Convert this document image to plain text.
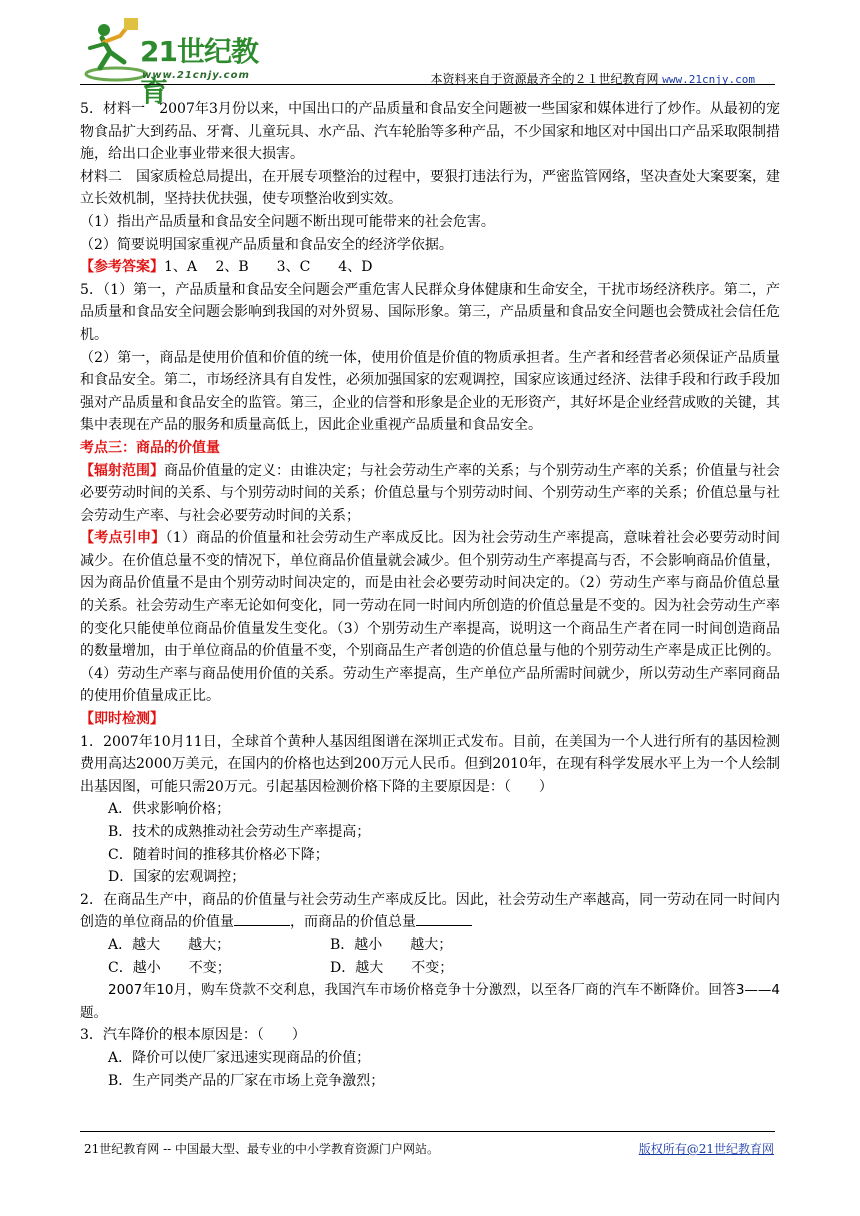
21世纪教育
www.21cnjy.com	本资料来自于资源最齐全的２１世纪教育网 www.21cnjy.com

5．材料一　2007年3月份以来，中国出口的产品质量和食品安全问题被一些国家和媒体进行了炒作。从最初的宠物食品扩大到药品、牙膏、儿童玩具、水产品、汽车轮胎等多种产品，不少国家和地区对中国出口产品采取限制措施，给出口企业事业带来很大损害。

材料二　国家质检总局提出，在开展专项整治的过程中，要狠打违法行为，严密监管网络，坚决查处大案要案，建立长效机制，坚持扶优扶强，使专项整治收到实效。

（1）指出产品质量和食品安全问题不断出现可能带来的社会危害。

（2）简要说明国家重视产品质量和食品安全的经济学依据。

【参考答案】1、A　 2、B　　3、C　　4、D

5．（1）第一，产品质量和食品安全问题会严重危害人民群众身体健康和生命安全，干扰市场经济秩序。第二，产品质量和食品安全问题会影响到我国的对外贸易、国际形象。第三，产品质量和食品安全问题也会赞成社会信任危机。

（2）第一，商品是使用价值和价值的统一体，使用价值是价值的物质承担者。生产者和经营者必须保证产品质量和食品安全。第二，市场经济具有自发性，必须加强国家的宏观调控，国家应该通过经济、法律手段和行政手段加强对产品质量和食品安全的监管。第三，企业的信誉和形象是企业的无形资产，其好坏是企业经营成败的关键，其集中表现在产品的服务和质量高低上，因此企业重视产品质量和食品安全。

考点三：商品的价值量

【辐射范围】商品价值量的定义：由谁决定；与社会劳动生产率的关系；与个别劳动生产率的关系；价值量与社会必要劳动时间的关系、与个别劳动时间的关系；价值总量与个别劳动时间、个别劳动生产率的关系；价值总量与社会劳动生产率、与社会必要劳动时间的关系；

【考点引申】（1）商品的价值量和社会劳动生产率成反比。因为社会劳动生产率提高，意味着社会必要劳动时间减少。在价值总量不变的情况下，单位商品价值量就会减少。但个别劳动生产率提高与否，不会影响商品价值量，因为商品价值量不是由个别劳动时间决定的，而是由社会必要劳动时间决定的。（2）劳动生产率与商品价值总量的关系。社会劳动生产率无论如何变化，同一劳动在同一时间内所创造的价值总量是不变的。因为社会劳动生产率的变化只能使单位商品价值量发生变化。（3）个别劳动生产率提高，说明这一个商品生产者在同一时间创造商品的数量增加，由于单位商品的价值量不变，个别商品生产者创造的价值总量与他的个别劳动生产率是成正比例的。（4）劳动生产率与商品使用价值的关系。劳动生产率提高，生产单位产品所需时间就少，所以劳动生产率同商品的使用价值量成正比。

【即时检测】

1．2007年10月11日，全球首个黄种人基因组图谱在深圳正式发布。目前，在美国为一个人进行所有的基因检测费用高达2000万美元，在国内的价格也达到200万元人民币。但到2010年，在现有科学发展水平上为一个人绘制出基因图，可能只需20万元。引起基因检测价格下降的主要原因是：（　　）

A．供求影响价格；

B．技术的成熟推动社会劳动生产率提高；

C．随着时间的推移其价格必下降；

D．国家的宏观调控；

2．在商品生产中，商品的价值量与社会劳动生产率成反比。因此，社会劳动生产率越高，同一劳动在同一时间内创造的单位商品的价值量	，而商品的价值总量

A．越大　　越大；	B．越小　　越大；
C．越小　　不变；	D．越大　　不变；

2007年10月，购车贷款不交利息，我国汽车市场价格竞争十分激烈，以至各厂商的汽车不断降价。回答3——4题。

3．汽车降价的根本原因是：（　　）

A．降价可以使厂家迅速实现商品的价值；

B．生产同类产品的厂家在市场上竞争激烈；

21世纪教育网 -- 中国最大型、最专业的中小学教育资源门户网站。	版权所有@21世纪教育网
